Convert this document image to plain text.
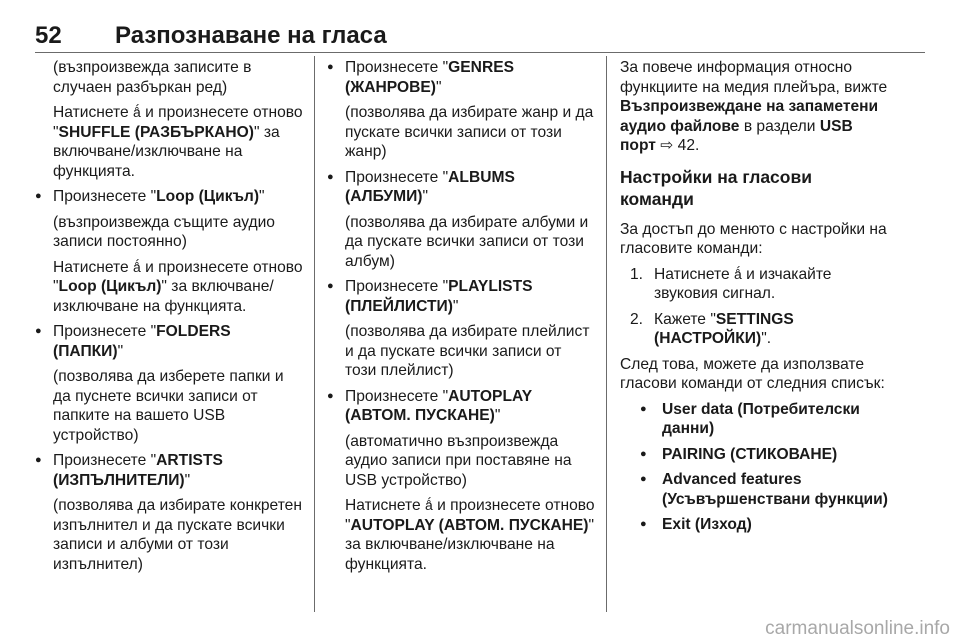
52 Разпознаване на гласа

(възпроизвежда записите в случаен разбъркан ред)

Натиснете ǻ и произнесете отново "SHUFFLE (РАЗБЪРКАНО)" за включване/изключване на функцията.

● Произнесете "Loop (Цикъл)"

(възпроизвежда същите аудио записи постоянно)

Натиснете ǻ и произнесете отново "Loop (Цикъл)" за включване/изключване на функцията.

● Произнесете "FOLDERS (ПАПКИ)"

(позволява да изберете папки и да пуснете всички записи от папките на вашето USB устройство)

● Произнесете "ARTISTS (ИЗПЪЛНИТЕЛИ)"

(позволява да избирате конкретен изпълнител и да пускате всички записи и албуми от този изпълнител)

● Произнесете "GENRES (ЖАНРОВЕ)"

(позволява да избирате жанр и да пускате всички записи от този жанр)

● Произнесете "ALBUMS (АЛБУМИ)"

(позволява да избирате албуми и да пускате всички записи от този албум)

● Произнесете "PLAYLISTS (ПЛЕЙЛИСТИ)"

(позволява да избирате плейлист и да пускате всички записи от този плейлист)

● Произнесете "AUTOPLAY (АВТОМ. ПУСКАНЕ)"

(автоматично възпроизвежда аудио записи при поставяне на USB устройство)

Натиснете ǻ и произнесете отново "AUTOPLAY (АВТОМ. ПУСКАНЕ)" за включване/изключване на функцията.

За повече информация относно функциите на медия плейъра, вижте Възпроизвеждане на запаметени аудио файлове в раздели USB порт ⇨ 42.

Настройки на гласови команди

За достъп до менюто с настройки на гласовите команди:

1. Натиснете ǻ и изчакайте звуковия сигнал.

2. Кажете "SETTINGS (НАСТРОЙКИ)".

След това, можете да използвате гласови команди от следния списък:

● User data (Потребителски данни)

● PAIRING (СТИКОВАНЕ)

● Advanced features (Усъвършенствани функции)

● Exit (Изход)

carmanualsonline.info
